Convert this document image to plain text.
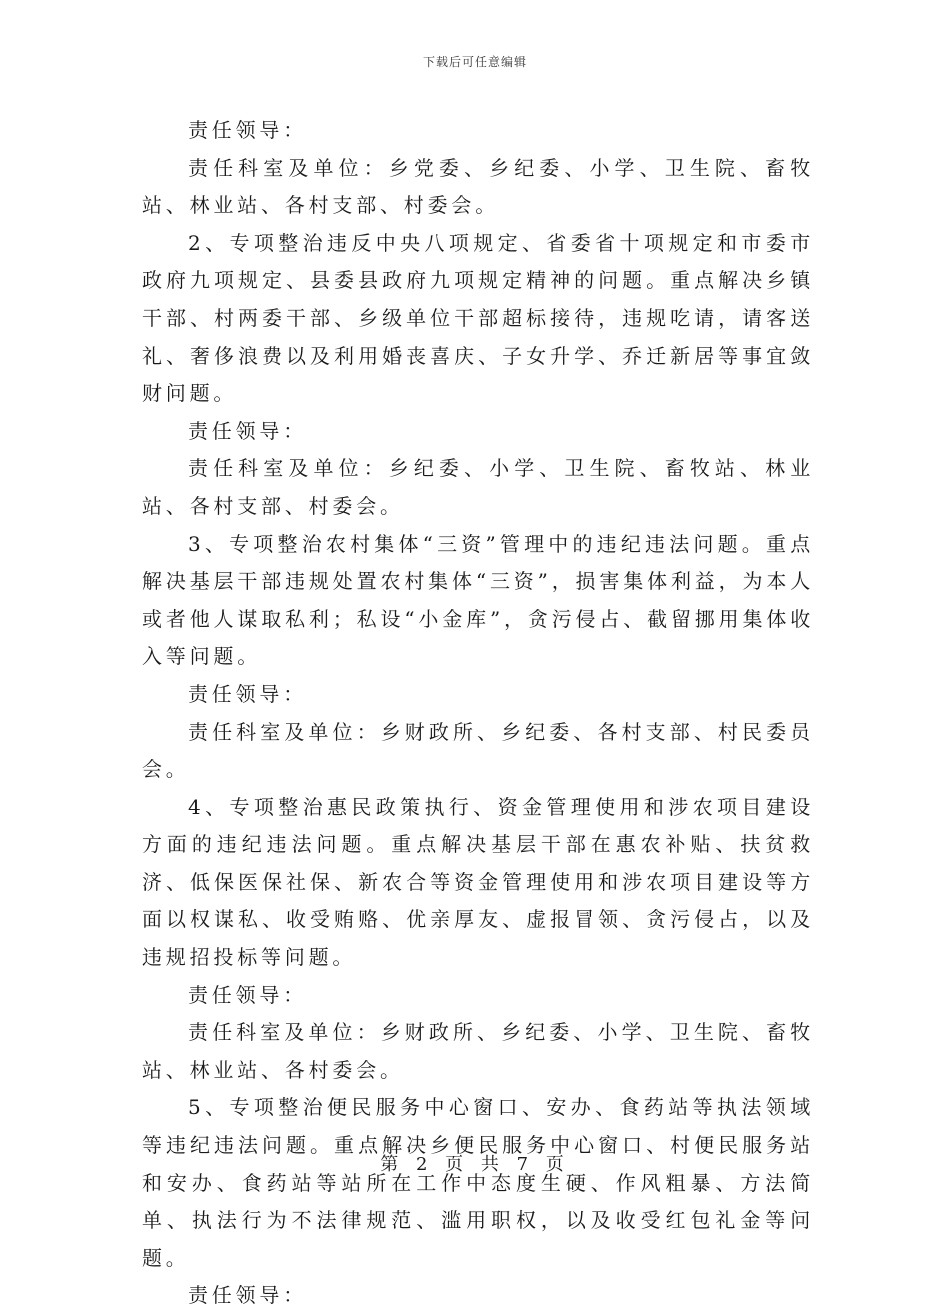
下载后可任意编辑

责任领导：

责任科室及单位：乡党委、乡纪委、小学、卫生院、畜牧站、林业站、各村支部、村委会。

2、专项整治违反中央八项规定、省委省十项规定和市委市政府九项规定、县委县政府九项规定精神的问题。重点解决乡镇干部、村两委干部、乡级单位干部超标接待，违规吃请，请客送礼、奢侈浪费以及利用婚丧喜庆、子女升学、乔迁新居等事宜敛财问题。

责任领导：

责任科室及单位：乡纪委、小学、卫生院、畜牧站、林业站、各村支部、村委会。

3、专项整治农村集体“三资”管理中的违纪违法问题。重点解决基层干部违规处置农村集体“三资”，损害集体利益，为本人或者他人谋取私利；私设“小金库”，贪污侵占、截留挪用集体收入等问题。

责任领导：

责任科室及单位：乡财政所、乡纪委、各村支部、村民委员会。

4、专项整治惠民政策执行、资金管理使用和涉农项目建设方面的违纪违法问题。重点解决基层干部在惠农补贴、扶贫救济、低保医保社保、新农合等资金管理使用和涉农项目建设等方面以权谋私、收受贿赂、优亲厚友、虚报冒领、贪污侵占，以及违规招投标等问题。

责任领导：

责任科室及单位：乡财政所、乡纪委、小学、卫生院、畜牧站、林业站、各村委会。

5、专项整治便民服务中心窗口、安办、食药站等执法领域等违纪违法问题。重点解决乡便民服务中心窗口、村便民服务站和安办、食药站等站所在工作中态度生硬、作风粗暴、方法简单、执法行为不法律规范、滥用职权，以及收受红包礼金等问题。

责任领导：

第 2 页 共 7 页
